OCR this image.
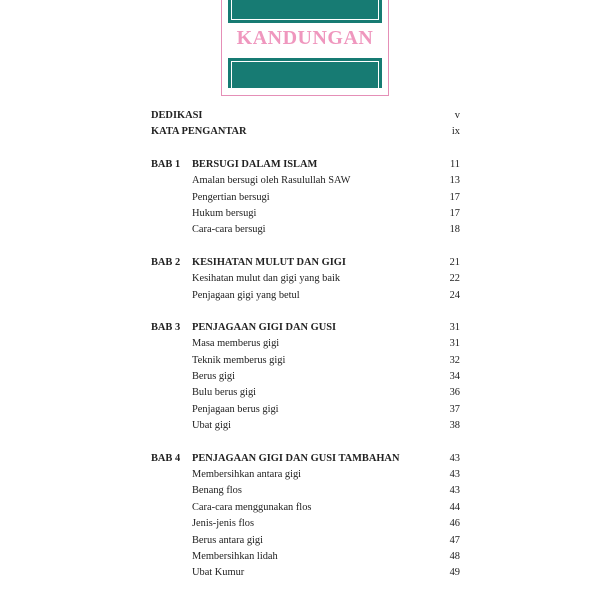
KANDUNGAN
DEDIKASI	v
KATA PENGANTAR	ix
BAB 1 BERSUGI DALAM ISLAM	11
Amalan bersugi oleh Rasulullah SAW	13
Pengertian bersugi	17
Hukum bersugi	17
Cara-cara bersugi	18
BAB 2 KESIHATAN MULUT DAN GIGI	21
Kesihatan mulut dan gigi yang baik	22
Penjagaan gigi yang betul	24
BAB 3 PENJAGAAN GIGI DAN GUSI	31
Masa memberus gigi	31
Teknik memberus gigi	32
Berus gigi	34
Bulu berus gigi	36
Penjagaan berus gigi	37
Ubat gigi	38
BAB 4 PENJAGAAN GIGI DAN GUSI TAMBAHAN	43
Membersihkan antara gigi	43
Benang flos	43
Cara-cara menggunakan flos	44
Jenis-jenis flos	46
Berus antara gigi	47
Membersihkan lidah	48
Ubat Kumur	49
